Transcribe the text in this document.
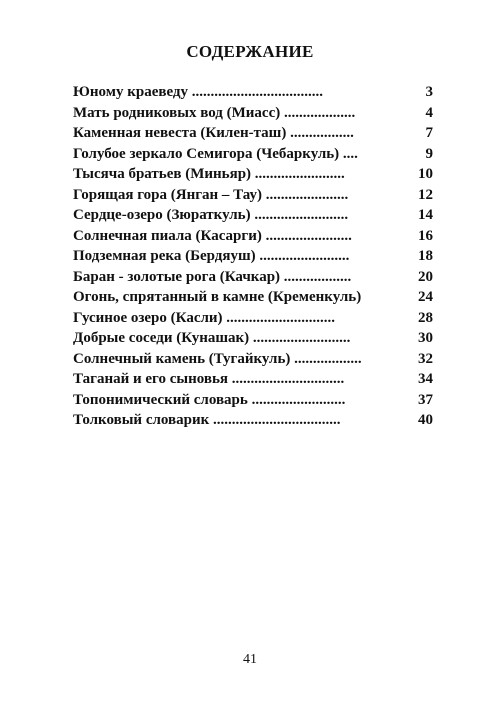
СОДЕРЖАНИЕ
Юному краеведу ...................................	3
Мать родниковых вод (Миасс) ...................	4
Каменная невеста (Килен-таш) .................	7
Голубое зеркало Семигора (Чебаркуль) ....	9
Тысяча братьев (Миньяр) ........................	10
Горящая гора (Янган – Тау) ......................	12
Сердце-озеро (Зюраткуль) .........................	14
Солнечная пиала (Касарги) .......................	16
Подземная река (Бердяуш) ........................	18
Баран - золотые рога (Качкар) ..................	20
Огонь, спрятанный в камне (Кременкуль)	24
Гусиное озеро (Касли) .............................	28
Добрые соседи (Кунашак) ..........................	30
Солнечный камень (Тугайкуль) ..................	32
Таганай и его сыновья ..............................	34
Топонимический словарь .........................	37
Толковый словарик ..................................	40
41
